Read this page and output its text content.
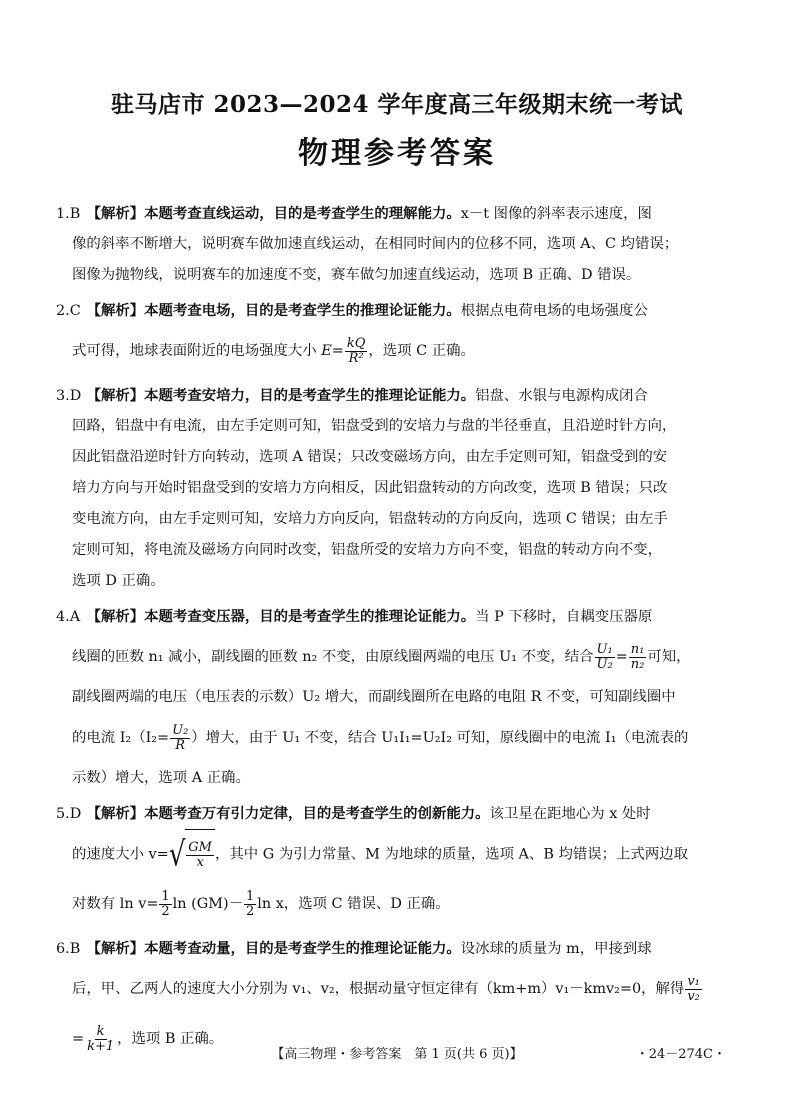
驻马店市 2023—2024 学年度高三年级期末统一考试
物理参考答案
1.B 【解析】本题考查直线运动，目的是考查学生的理解能力。x－t 图像的斜率表示速度，图
像的斜率不断增大，说明赛车做加速直线运动，在相同时间内的位移不同，选项 A、C 均错误；
图像为抛物线，说明赛车的加速度不变，赛车做匀加速直线运动，选项 B 正确、D 错误。
2.C 【解析】本题考查电场，目的是考查学生的推理论证能力。根据点电荷电场的电场强度公
式可得，地球表面附近的电场强度大小 $E= \frac{kQ}{\text{R²}}$ ，选项 C 正确。
3.D 【解析】本题考查安培力，目的是考查学生的推理论证能力。铝盘、水银与电源构成闭合
回路，铝盘中有电流，由左手定则可知，铝盘受到的安培力与盘的半径垂直，且沿逆时针方向，
因此铝盘沿逆时针方向转动，选项 A 错误；只改变磁场方向，由左手定则可知，铝盘受到的安
培力方向与开始时铝盘受到的安培力方向相反，因此铝盘转动的方向改变，选项 B 错误；只改
变电流方向，由左手定则可知，安培力方向反向，铝盘转动的方向反向，选项 C 错误；由左手
定则可知，将电流及磁场方向同时改变，铝盘所受的安培力方向不变，铝盘的转动方向不变，
选项 D 正确。
4.A 【解析】本题考查变压器，目的是考查学生的推理论证能力。当 P 下移时，自耦变压器原
线圈的匝数 n₁ 减小，副线圈的匝数 n₂ 不变，由原线圈两端的电压 U₁ 不变，结合 $\frac{\text{U₁}}{\text{U₂}} = \frac{\text{n₁}}{\text{n₂}}$ 可知，
副线圈两端的电压（电压表的示数）U₂ 增大，而副线圈所在电路的电阻 R 不变，可知副线圈中
的电流 $I_2(I_2= \frac{\text{U₂}}{R}$ ）增大，由于 U₁ 不变，结合 U₁I₁=U₂I₂ 可知，原线圈中的电流 I₁（电流表的
示数）增大，选项 A 正确。
5.D 【解析】本题考查万有引力定律，目的是考查学生的创新能力。该卫星在距地心为 x 处时
的速度大小 v= √ $\frac{GM}{x}$ ，其中 G 为引力常量、M 为地球的质量，选项 A、B 均错误；上式两边取
对数有 $\ln v= \frac{1}{2}$ $\ln (GM)- \frac{1}{2}$ ln x，选项 C 错误、D 正确。
6.B 【解析】本题考查动量，目的是考查学生的推理论证能力。设冰球的质量为 m，甲接到球
后，甲、乙两人的速度大小分别为 v₁、v₂，根据动量守恒定律有（km+m）v₁－kmv₂=0，解得 $\frac{\text{v₁}}{\text{v₂}}$
= $\frac{k}{k+1}$ ，选项 B 正确。
【高三物理・参考答案　第 1 页(共 6 页)】	・24－274C・
